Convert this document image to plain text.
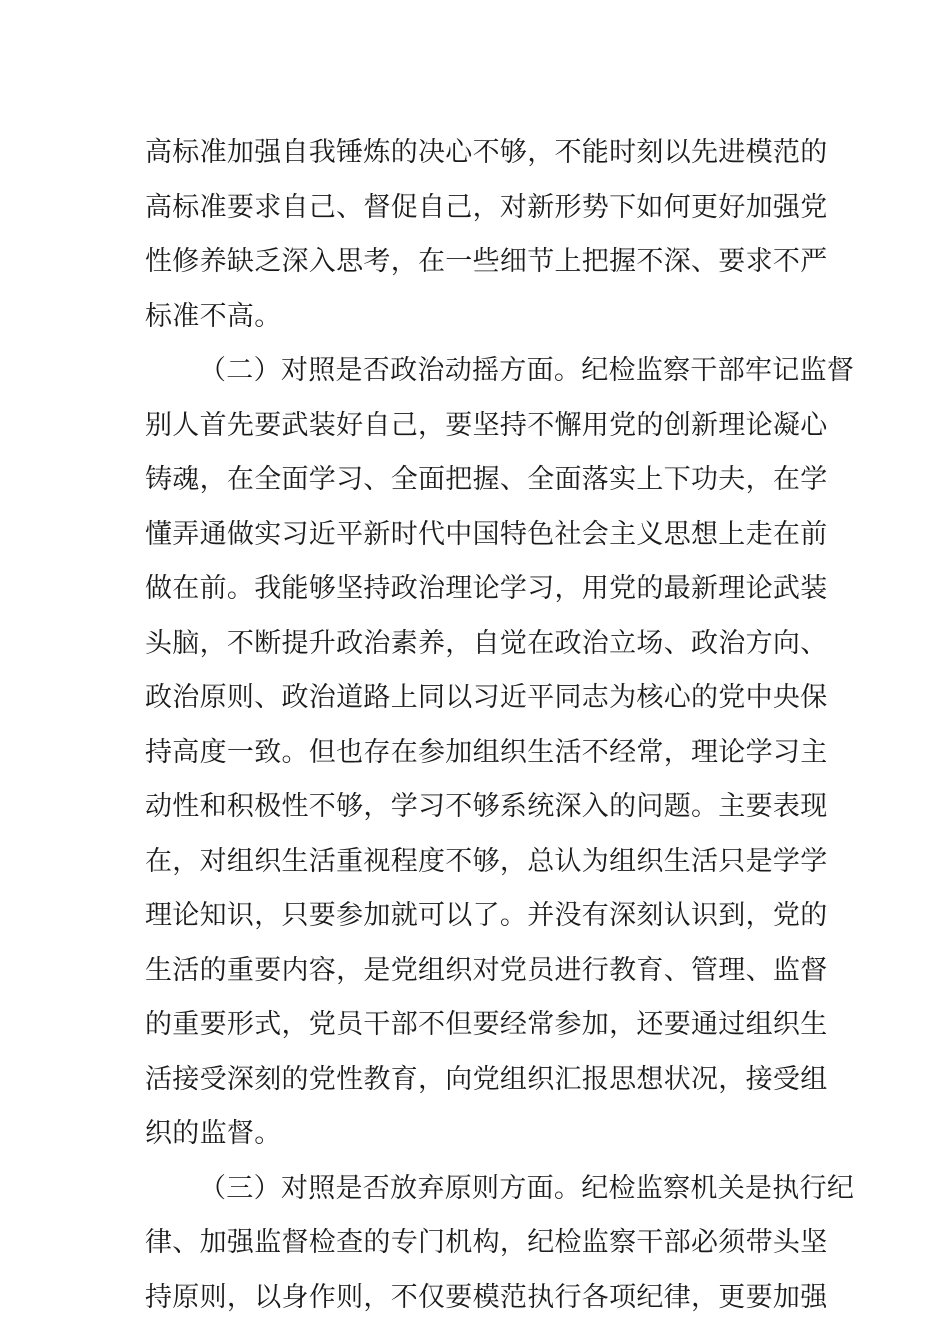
高标准加强自我锤炼的决心不够，不能时刻以先进模范的
高标准要求自己、督促自己，对新形势下如何更好加强党
性修养缺乏深入思考，在一些细节上把握不深、要求不严
标准不高。
（二）对照是否政治动摇方面。纪检监察干部牢记监督
别人首先要武装好自己，要坚持不懈用党的创新理论凝心
铸魂，在全面学习、全面把握、全面落实上下功夫，在学
懂弄通做实习近平新时代中国特色社会主义思想上走在前
做在前。我能够坚持政治理论学习，用党的最新理论武装
头脑，不断提升政治素养，自觉在政治立场、政治方向、
政治原则、政治道路上同以习近平同志为核心的党中央保
持高度一致。但也存在参加组织生活不经常，理论学习主
动性和积极性不够，学习不够系统深入的问题。主要表现
在，对组织生活重视程度不够，总认为组织生活只是学学
理论知识，只要参加就可以了。并没有深刻认识到，党的
生活的重要内容，是党组织对党员进行教育、管理、监督
的重要形式，党员干部不但要经常参加，还要通过组织生
活接受深刻的党性教育，向党组织汇报思想状况，接受组
织的监督。
（三）对照是否放弃原则方面。纪检监察机关是执行纪
律、加强监督检查的专门机构，纪检监察干部必须带头坚
持原则，以身作则，不仅要模范执行各项纪律，更要加强
